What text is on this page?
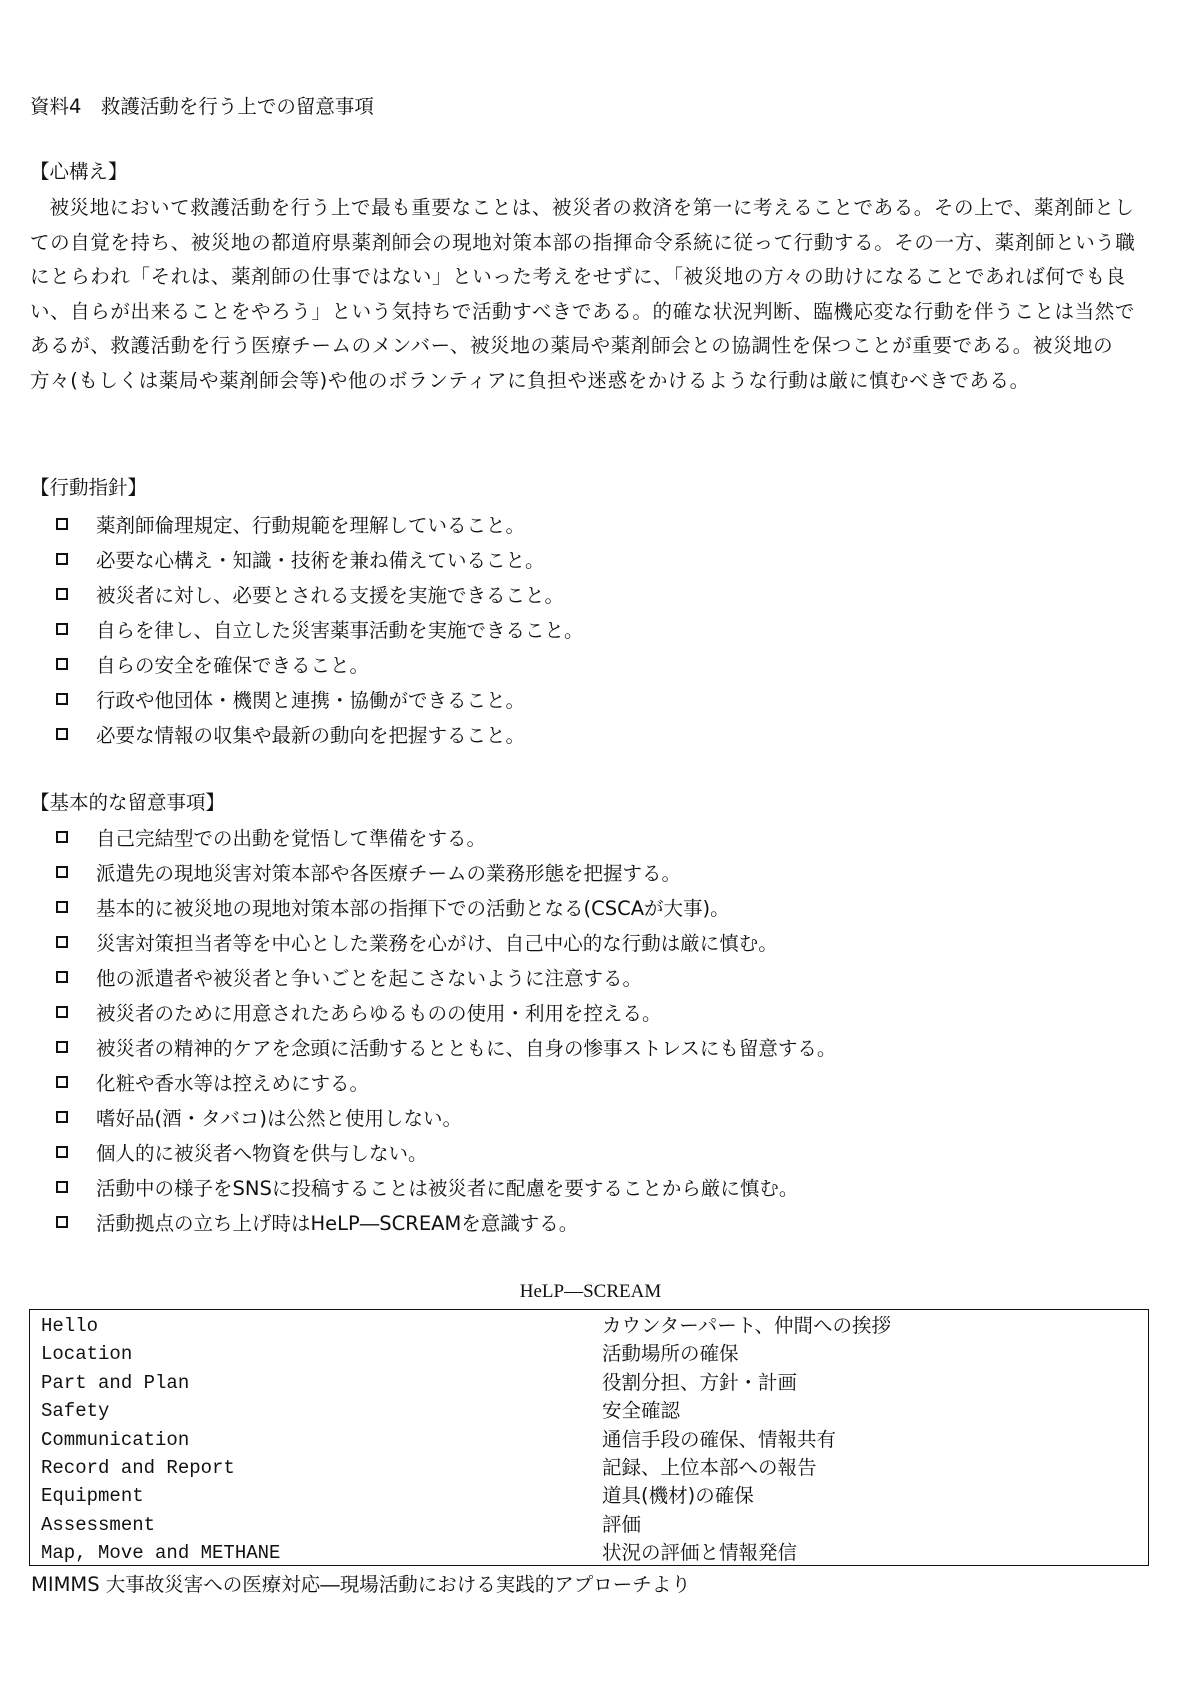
資料4　救護活動を行う上での留意事項
【心構え】

被災地において救護活動を行う上で最も重要なことは、被災者の救済を第一に考えることである。その上で、薬剤師としての自覚を持ち、被災地の都道府県薬剤師会の現地対策本部の指揮命令系統に従って行動する。その一方、薬剤師という職にとらわれ「それは、薬剤師の仕事ではない」といった考えをせずに、「被災地の方々の助けになることであれば何でも良い、自らが出来ることをやろう」という気持ちで活動すべきである。的確な状況判断、臨機応変な行動を伴うことは当然であるが、救護活動を行う医療チームのメンバー、被災地の薬局や薬剤師会との協調性を保つことが重要である。被災地の方々(もしくは薬局や薬剤師会等)や他のボランティアに負担や迷惑をかけるような行動は厳に慎むべきである。

【行動指針】
薬剤師倫理規定、行動規範を理解していること。
必要な心構え・知識・技術を兼ね備えていること。
被災者に対し、必要とされる支援を実施できること。
自らを律し、自立した災害薬事活動を実施できること。
自らの安全を確保できること。
行政や他団体・機関と連携・協働ができること。
必要な情報の収集や最新の動向を把握すること。
【基本的な留意事項】
自己完結型での出動を覚悟して準備をする。
派遣先の現地災害対策本部や各医療チームの業務形態を把握する。
基本的に被災地の現地対策本部の指揮下での活動となる(CSCAが大事)。
災害対策担当者等を中心とした業務を心がけ、自己中心的な行動は厳に慎む。
他の派遣者や被災者と争いごとを起こさないように注意する。
被災者のために用意されたあらゆるものの使用・利用を控える。
被災者の精神的ケアを念頭に活動するとともに、自身の惨事ストレスにも留意する。
化粧や香水等は控えめにする。
嗜好品(酒・タバコ)は公然と使用しない。
個人的に被災者へ物資を供与しない。
活動中の様子をSNSに投稿することは被災者に配慮を要することから厳に慎む。
活動拠点の立ち上げ時はHeLP―SCREAMを意識する。
HeLP―SCREAM
Hello	カウンターパート、仲間への挨拶
Location	活動場所の確保
Part and Plan	役割分担、方針・計画
Safety	安全確認
Communication	通信手段の確保、情報共有
Record and Report	記録、上位本部への報告
Equipment	道具(機材)の確保
Assessment	評価
Map, Move and METHANE	状況の評価と情報発信
MIMMS 大事故災害への医療対応―現場活動における実践的アプローチより
